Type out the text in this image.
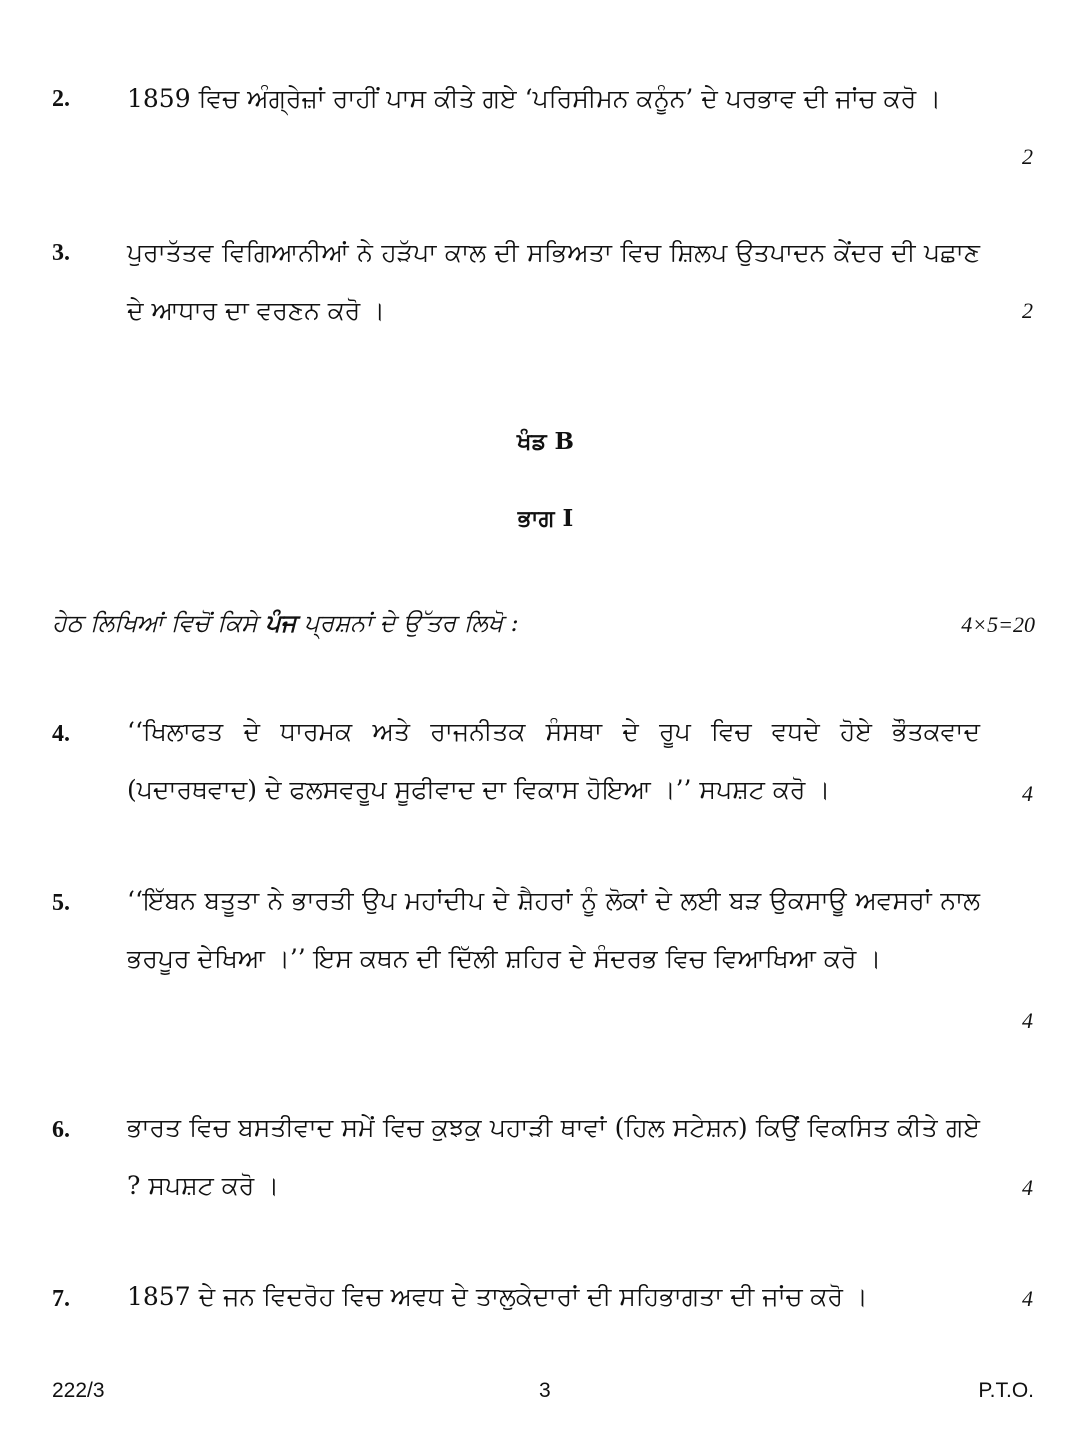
2. 1859 ਵਿਚ ਅੰਗ੍ਰੇਜ਼ਾਂ ਰਾਹੀਂ ਪਾਸ ਕੀਤੇ ਗਏ ‘ਪਰਿਸੀਮਨ ਕਨੂੰਨ’ ਦੇ ਪਰਭਾਵ ਦੀ ਜਾਂਚ ਕਰੋ ।
2
3. ਪੁਰਾਤੱਤਵ ਵਿਗਿਆਨੀਆਂ ਨੇ ਹੜੱਪਾ ਕਾਲ ਦੀ ਸਭਿਅਤਾ ਵਿਚ ਸ਼ਿਲਪ ਉਤਪਾਦਨ ਕੇਂਦਰ ਦੀ ਪਛਾਣ ਦੇ ਆਧਾਰ ਦਾ ਵਰਣਨ ਕਰੋ ।	2
ਖੰਡ B
ਭਾਗ I
ਹੇਠ ਲਿਖਿਆਂ ਵਿਚੋਂ ਕਿਸੇ ਪੰਜ ਪ੍ਰਸ਼ਨਾਂ ਦੇ ਉੱਤਰ ਲਿਖੋ :	4×5=20
4. ‘‘ਖਿਲਾਫਤ ਦੇ ਧਾਰਮਕ ਅਤੇ ਰਾਜਨੀਤਕ ਸੰਸਥਾ ਦੇ ਰੂਪ ਵਿਚ ਵਧਦੇ ਹੋਏ ਭੌਤਕਵਾਦ (ਪਦਾਰਥਵਾਦ) ਦੇ ਫਲਸਵਰੂਪ ਸੂਫੀਵਾਦ ਦਾ ਵਿਕਾਸ ਹੋਇਆ ।’’ ਸਪਸ਼ਟ ਕਰੋ ।	4
5. ‘‘ਇੱਬਨ ਬਤੂਤਾ ਨੇ ਭਾਰਤੀ ਉਪ ਮਹਾਂਦੀਪ ਦੇ ਸ਼ੈਹਰਾਂ ਨੂੰ ਲੋਕਾਂ ਦੇ ਲਈ ਬੜ ਉਕਸਾਊ ਅਵਸਰਾਂ ਨਾਲ ਭਰਪੂਰ ਦੇਖਿਆ ।’’ ਇਸ ਕਥਨ ਦੀ ਦਿੱਲੀ ਸ਼ਹਿਰ ਦੇ ਸੰਦਰਭ ਵਿਚ ਵਿਆਖਿਆ ਕਰੋ ।
4
6. ਭਾਰਤ ਵਿਚ ਬਸਤੀਵਾਦ ਸਮੇਂ ਵਿਚ ਕੁਝਕੁ ਪਹਾੜੀ ਥਾਵਾਂ (ਹਿਲ ਸਟੇਸ਼ਨ) ਕਿਉਂ ਵਿਕਸਿਤ ਕੀਤੇ ਗਏ ? ਸਪਸ਼ਟ ਕਰੋ ।	4
7. 1857 ਦੇ ਜਨ ਵਿਦਰੋਹ ਵਿਚ ਅਵਧ ਦੇ ਤਾਲੁਕੇਦਾਰਾਂ ਦੀ ਸਹਿਭਾਗਤਾ ਦੀ ਜਾਂਚ ਕਰੋ ।	4
222/3	3	P.T.O.
